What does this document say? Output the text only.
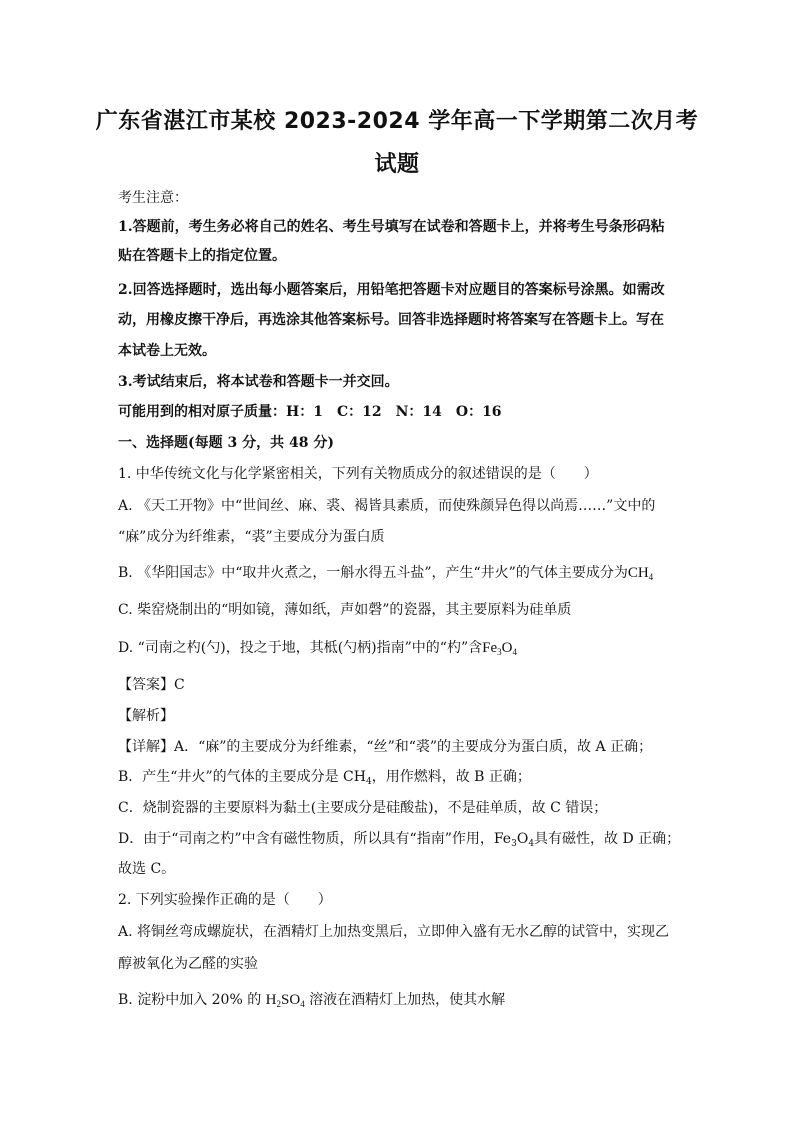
广东省湛江市某校 2023-2024 学年高一下学期第二次月考
试题
考生注意：
1.答题前，考生务必将自己的姓名、考生号填写在试卷和答题卡上，并将考生号条形码粘
贴在答题卡上的指定位置。
2.回答选择题时，选出每小题答案后，用铅笔把答题卡对应题目的答案标号涂黑。如需改
动，用橡皮擦干净后，再选涂其他答案标号。回答非选择题时将答案写在答题卡上。写在
本试卷上无效。
3.考试结束后，将本试卷和答题卡一并交回。
可能用到的相对原子质量：H：1　C：12　N：14　O：16
一、选择题(每题 3 分，共 48 分)
1. 中华传统文化与化学紧密相关，下列有关物质成分的叙述错误的是（　　）
A. 《天工开物》中“世间丝、麻、裘、褐皆具素质，而使殊颜异色得以尚焉……”文中的
“麻”成分为纤维素，“裘”主要成分为蛋白质
B. 《华阳国志》中“取井火煮之，一斛水得五斗盐”，产生“井火”的气体主要成分为$CH_4$
C. 柴窑烧制出的“明如镜，薄如纸，声如磬”的瓷器，其主要原料为硅单质
D. “司南之杓(勺)，投之于地，其柢(勺柄)指南”中的“杓”含$Fe_3O_4$
【答案】C
【解析】
【详解】A．“麻”的主要成分为纤维素，“丝”和“裘”的主要成分为蛋白质，故 A 正确；
B．产生“井火”的气体的主要成分是 $CH_4$，用作燃料，故 B 正确；
C．烧制瓷器的主要原料为黏土(主要成分是硅酸盐)，不是硅单质，故 C 错误；
D．由于“司南之杓”中含有磁性物质，所以具有“指南”作用，$Fe_3O_4$具有磁性，故 D 正确；
故选 C。
2. 下列实验操作正确的是（　　）
A. 将铜丝弯成螺旋状，在酒精灯上加热变黑后，立即伸入盛有无水乙醇的试管中，实现乙
醇被氧化为乙醛的实验
B. 淀粉中加入 20% 的 $H_2SO_4$ 溶液在酒精灯上加热，使其水解
